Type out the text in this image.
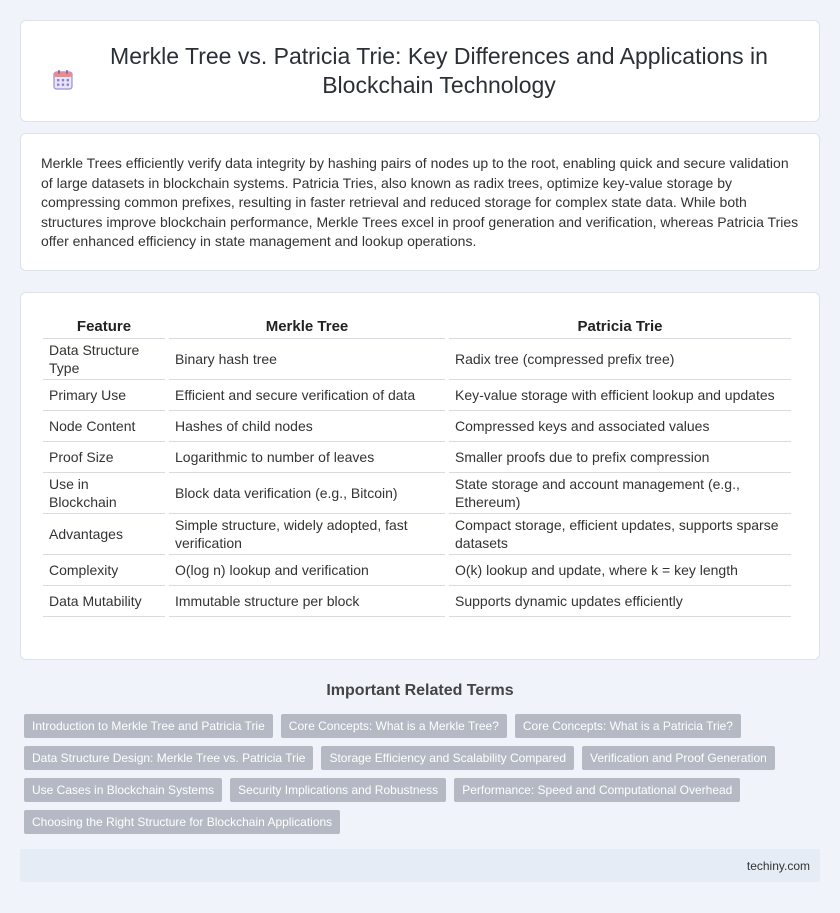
Merkle Tree vs. Patricia Trie: Key Differences and Applications in Blockchain Technology

Merkle Trees efficiently verify data integrity by hashing pairs of nodes up to the root, enabling quick and secure validation of large datasets in blockchain systems. Patricia Tries, also known as radix trees, optimize key-value storage by compressing common prefixes, resulting in faster retrieval and reduced storage for complex state data. While both structures improve blockchain performance, Merkle Trees excel in proof generation and verification, whereas Patricia Tries offer enhanced efficiency in state management and lookup operations.

Feature	Merkle Tree	Patricia Trie
Data Structure Type	Binary hash tree	Radix tree (compressed prefix tree)
Primary Use	Efficient and secure verification of data	Key-value storage with efficient lookup and updates
Node Content	Hashes of child nodes	Compressed keys and associated values
Proof Size	Logarithmic to number of leaves	Smaller proofs due to prefix compression
Use in Blockchain	Block data verification (e.g., Bitcoin)	State storage and account management (e.g., Ethereum)
Advantages	Simple structure, widely adopted, fast verification	Compact storage, efficient updates, supports sparse datasets
Complexity	O(log n) lookup and verification	O(k) lookup and update, where k = key length
Data Mutability	Immutable structure per block	Supports dynamic updates efficiently
Important Related Terms
Introduction to Merkle Tree and Patricia Trie	Core Concepts: What is a Merkle Tree?	Core Concepts: What is a Patricia Trie?
Data Structure Design: Merkle Tree vs. Patricia Trie	Storage Efficiency and Scalability Compared	Verification and Proof Generation
Use Cases in Blockchain Systems	Security Implications and Robustness	Performance: Speed and Computational Overhead
Choosing the Right Structure for Blockchain Applications
techiny.com
